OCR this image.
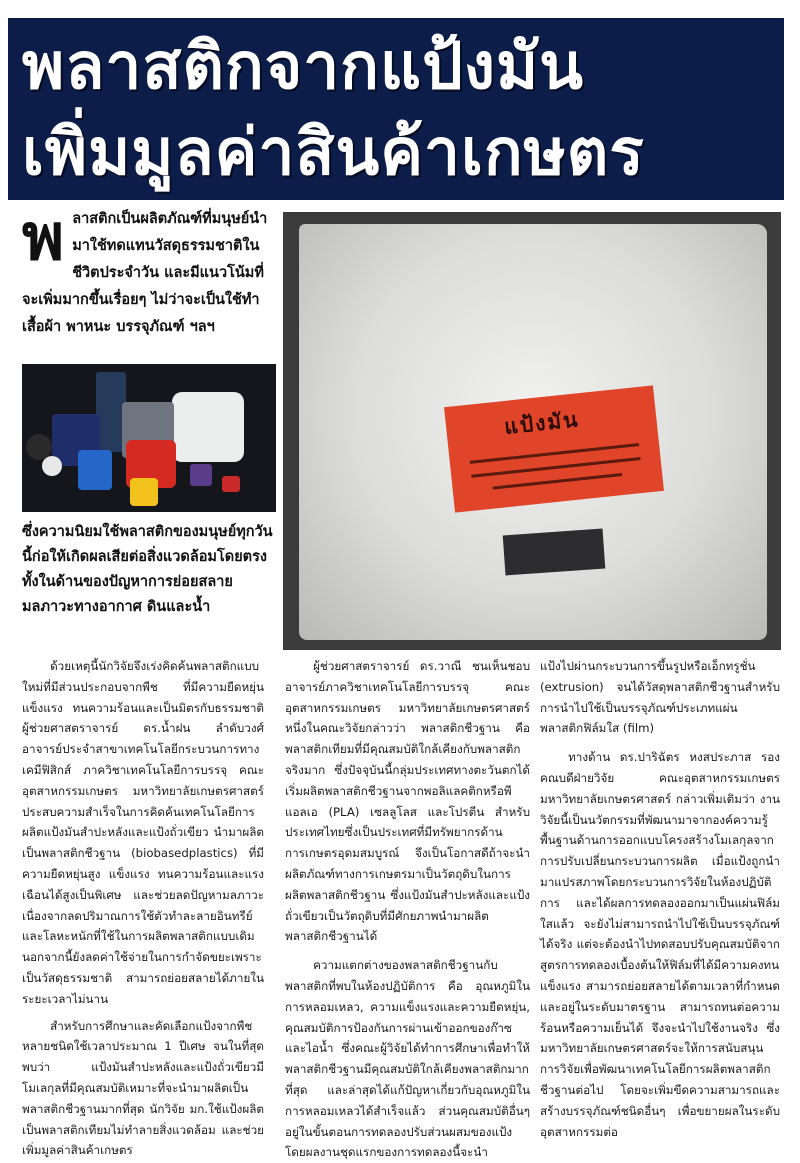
พลาสติกจากแป้งมัน
เพิ่มมูลค่าสินค้าเกษตร
พ ลาสติกเป็นผลิตภัณฑ์ที่มนุษย์นำมาใช้ทดแทนวัสดุธรรมชาติในชีวิตประจำวัน และมีแนวโน้มที่จะเพิ่มมากขึ้นเรื่อยๆ ไม่ว่าจะเป็นใช้ทำเสื้อผ้า พาหนะ บรรจุภัณฑ์ ฯลฯ
ซึ่งความนิยมใช้พลาสติกของมนุษย์ทุกวันนี้ก่อให้เกิดผลเสียต่อสิ่งแวดล้อมโดยตรง ทั้งในด้านของปัญหาการย่อยสลาย มลภาวะทางอากาศ ดินและน้ำ
แป้งมัน

ด้วยเหตุนี้นักวิจัยจึงเร่งคิดค้นพลาสติกแบบใหม่ที่มีส่วนประกอบจากพืช ที่มีความยืดหยุ่น แข็งแรง ทนความร้อนและเป็นมิตรกับธรรมชาติ ผู้ช่วยศาสตราจารย์ ดร.น้ำฝน ลำดับวงศ์ อาจารย์ประจำสาขาเทคโนโลยีกระบวนการทางเคมีฟิสิกส์ ภาควิชาเทคโนโลยีการบรรจุ คณะอุตสาหกรรมเกษตร มหาวิทยาลัยเกษตรศาสตร์ ประสบความสำเร็จในการคิดค้นเทคโนโลยีการผลิตแป้งมันสำปะหลังและแป้งถั่วเขียว นำมาผลิตเป็นพลาสติกชีวฐาน (biobasedplastics) ที่มีความยืดหยุ่นสูง แข็งแรง ทนความร้อนและแรงเฉือนได้สูงเป็นพิเศษ และช่วยลดปัญหามลภาวะ เนื่องจากลดปริมาณการใช้ตัวทำละลายอินทรีย์และโลหะหนักที่ใช้ในการผลิตพลาสติกแบบเดิม นอกจากนี้ยังลดค่าใช้จ่ายในการกำจัดขยะเพราะเป็นวัสดุธรรมชาติ สามารถย่อยสลายได้ภายในระยะเวลาไม่นาน

สำหรับการศึกษาและคัดเลือกแป้งจากพืชหลายชนิดใช้เวลาประมาณ 1 ปีเศษ จนในที่สุดพบว่า แป้งมันสำปะหลังและแป้งถั่วเขียวมีโมเลกุลที่มีคุณสมบัติเหมาะที่จะนำมาผลิตเป็นพลาสติกชีวฐานมากที่สุด นักวิจัย มก.ใช้แป้งผลิตเป็นพลาสติกเทียมไม่ทำลายสิ่งแวดล้อม และช่วยเพิ่มมูลค่าสินค้าเกษตร

ผู้ช่วยศาสตราจารย์ ดร.วาณี ชนเห็นชอบ อาจารย์ภาควิชาเทคโนโลยีการบรรจุ คณะอุตสาหกรรมเกษตร มหาวิทยาลัยเกษตรศาสตร์ หนึ่งในคณะวิจัยกล่าวว่า พลาสติกชีวฐาน คือ พลาสติกเทียมที่มีคุณสมบัติใกล้เคียงกับพลาสติกจริงมาก ซึ่งปัจจุบันนี้กลุ่มประเทศทางตะวันตกได้เริ่มผลิตพลาสติกชีวฐานจากพอลิแลคติกหรือพีแอลเอ (PLA) เซลลูโลส และโปรตีน สำหรับประเทศไทยซึ่งเป็นประเทศที่มีทรัพยากรด้านการเกษตรอุดมสมบูรณ์ จึงเป็นโอกาสดีถ้าจะนำผลิตภัณฑ์ทางการเกษตรมาเป็นวัตถุดิบในการผลิตพลาสติกชีวฐาน ซึ่งแป้งมันสำปะหลังและแป้งถั่วเขียวเป็นวัตถุดิบที่มีศักยภาพนำมาผลิตพลาสติกชีวฐานได้

ความแตกต่างของพลาสติกชีวฐานกับพลาสติกที่พบในห้องปฏิบัติการ คือ อุณหภูมิในการหลอมเหลว, ความแข็งแรงและความยืดหยุ่น, คุณสมบัติการป้องกันการผ่านเข้าออกของก๊าซและไอน้ำ ซึ่งคณะผู้วิจัยได้ทำการศึกษาเพื่อทำให้พลาสติกชีวฐานมีคุณสมบัติใกล้เคียงพลาสติกมากที่สุด และล่าสุดได้แก้ปัญหาเกี่ยวกับอุณหภูมิในการหลอมเหลวได้สำเร็จแล้ว ส่วนคุณสมบัติอื่นๆ อยู่ในขั้นตอนการทดลองปรับส่วนผสมของแป้ง โดยผลงานชุดแรกของการทดลองนี้จะนำ

แป้งไปผ่านกระบวนการขึ้นรูปหรือเอ็กทรูชั่น (extrusion) จนได้วัสดุพลาสติกชีวฐานสำหรับการนำไปใช้เป็นบรรจุภัณฑ์ประเภทแผ่นพลาสติกฟิล์มใส (film)

ทางด้าน ดร.ปาริฉัตร หงสประภาส รองคณบดีฝ่ายวิจัย คณะอุตสาหกรรมเกษตรมหาวิทยาลัยเกษตรศาสตร์ กล่าวเพิ่มเติมว่า งานวิจัยนี้เป็นนวัตกรรมที่พัฒนามาจากองค์ความรู้พื้นฐานด้านการออกแบบโครงสร้างโมเลกุลจากการปรับเปลี่ยนกระบวนการผลิต เมื่อแป้งถูกนำมาแปรสภาพโดยกระบวนการวิจัยในห้องปฏิบัติการ และได้ผลการทดลองออกมาเป็นแผ่นฟิล์มใสแล้ว จะยังไม่สามารถนำไปใช้เป็นบรรจุภัณฑ์ได้จริง แต่จะต้องนำไปทดสอบปรับคุณสมบัติจากสูตรการทดลองเบื้องต้นให้ฟิล์มที่ได้มีความคงทนแข็งแรง สามารถย่อยสลายได้ตามเวลาที่กำหนดและอยู่ในระดับมาตรฐาน สามารถทนต่อความร้อนหรือความเย็นได้ จึงจะนำไปใช้งานจริง ซึ่งมหาวิทยาลัยเกษตรศาสตร์จะให้การสนับสนุนการวิจัยเพื่อพัฒนาเทคโนโลยีการผลิตพลาสติกชีวฐานต่อไป โดยจะเพิ่มขีดความสามารถและสร้างบรรจุภัณฑ์ชนิดอื่นๆ เพื่อขยายผลในระดับอุตสาหกรรมต่อ
